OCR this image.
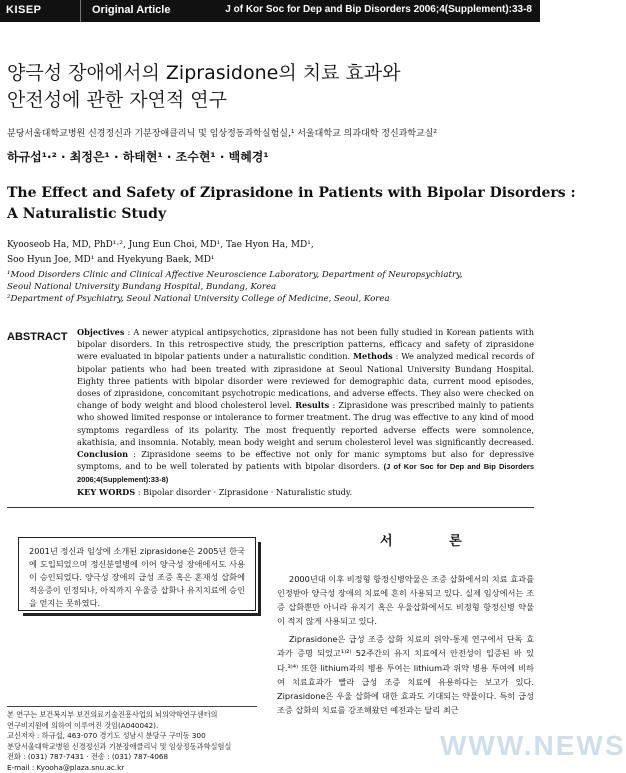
KISEP	Original Article	J of Kor Soc for Dep and Bip Disorders 2006;4(Supplement):33-8
양극성 장애에서의 Ziprasidone의 치료 효과와
안전성에 관한 자연적 연구
분당서울대학교병원 신경정신과 기분장애클리닉 및 임상정동과학실험실,¹ 서울대학교 의과대학 정신과학교실²
하규섭¹·² · 최정은¹ · 하태현¹ · 조수현¹ · 백혜경¹
The Effect and Safety of Ziprasidone in Patients with Bipolar Disorders :
A Naturalistic Study
Kyooseob Ha, MD, PhD¹·², Jung Eun Choi, MD¹, Tae Hyon Ha, MD¹,
Soo Hyun Joe, MD¹ and Hyekyung Baek, MD¹
¹Mood Disorders Clinic and Clinical Affective Neuroscience Laboratory, Department of Neuropsychiatry,
Seoul National University Bundang Hospital, Bundang, Korea
²Department of Psychiatry, Seoul National University College of Medicine, Seoul, Korea
ABSTRACT Objectives : A newer atypical antipsychotics, ziprasidone has not been fully studied in Korean patients with bipolar disorders. In this retrospective study, the prescription patterns, efficacy and safety of ziprasidone were evaluated in bipolar patients under a naturalistic condition. Methods : We analyzed medical records of bipolar patients who had been treated with ziprasidone at Seoul National University Bundang Hospital. Eighty three patients with bipolar disorder were reviewed for demographic data, current mood episodes, doses of ziprasidone, concomitant psychotropic medications, and adverse effects. They also were checked on change of body weight and blood cholesterol level. Results : Ziprasidone was prescribed mainly to patients who showed limited response or intolerance to former treatment. The drug was effective to any kind of mood symptoms regardless of its polarity. The most frequently reported adverse effects were somnolence, akathisia, and insomnia. Notably, mean body weight and serum cholesterol level was significantly decreased. Conclusion : Ziprasidone seems to be effective not only for manic symptoms but also for depressive symptoms, and to be well tolerated by patients with bipolar disorders. (J of Kor Soc for Dep and Bip Disorders 2006;4(Supplement):33-8)
KEY WORDS : Bipolar disorder · Ziprasidone · Naturalistic study.
2001년 정신과 임상에 소개된 ziprasidone은 2005년 한국에 도입되었으며 정신분열병에 이어 양극성 장애에서도 사용이 승인되었다. 양극성 장애의 급성 조증 혹은 혼재성 삽화에 적응증이 인정되나, 아직까지 우울증 삽화나 유지치료에 승인을 얻지는 못하였다.
본 연구는 보건복지부 보건의료기술진흥사업의 뇌의약학연구센터의
연구비지원에 의하여 이루어진 것임(A040042).
교신저자 : 하규섭, 463-070 경기도 성남시 분당구 구미동 300
분당서울대학교병원 신경정신과 기분장애클리닉 및 임상정동과학실험실
전화 : (031) 787-7431 · 전송 : (031) 787-4068
E-mail : Kyooha@plaza.snu.ac.kr
서 론

2000년대 이후 비정형 항정신병약물은 조증 삽화에서의 치료 효과를 인정받아 양극성 장애의 치료에 흔히 사용되고 있다. 실제 임상에서는 조증 삽화뿐만 아니라 유지기 혹은 우울삽화에서도 비정형 항정신병 약물이 적지 않게 사용되고 있다.

Ziprasidone은 급성 조증 삽화 치료의 위약-통제 연구에서 단독 효과가 증명 되었고¹⁾²⁾ 52주간의 유지 치료에서 안전성이 입증된 바 있다.³⁾⁴⁾ 또한 lithium과의 병용 투여는 lithium과 위약 병용 투여에 비하여 치료효과가 빨라 급성 조증 치료에 유용하다는 보고가 있다. Ziprasidone은 우울 삽화에 대한 효과도 기대되는 약물이다. 특히 급성 조증 삽화의 치료를 강조해왔던 예전과는 달리 최근

WWW.NEWS
